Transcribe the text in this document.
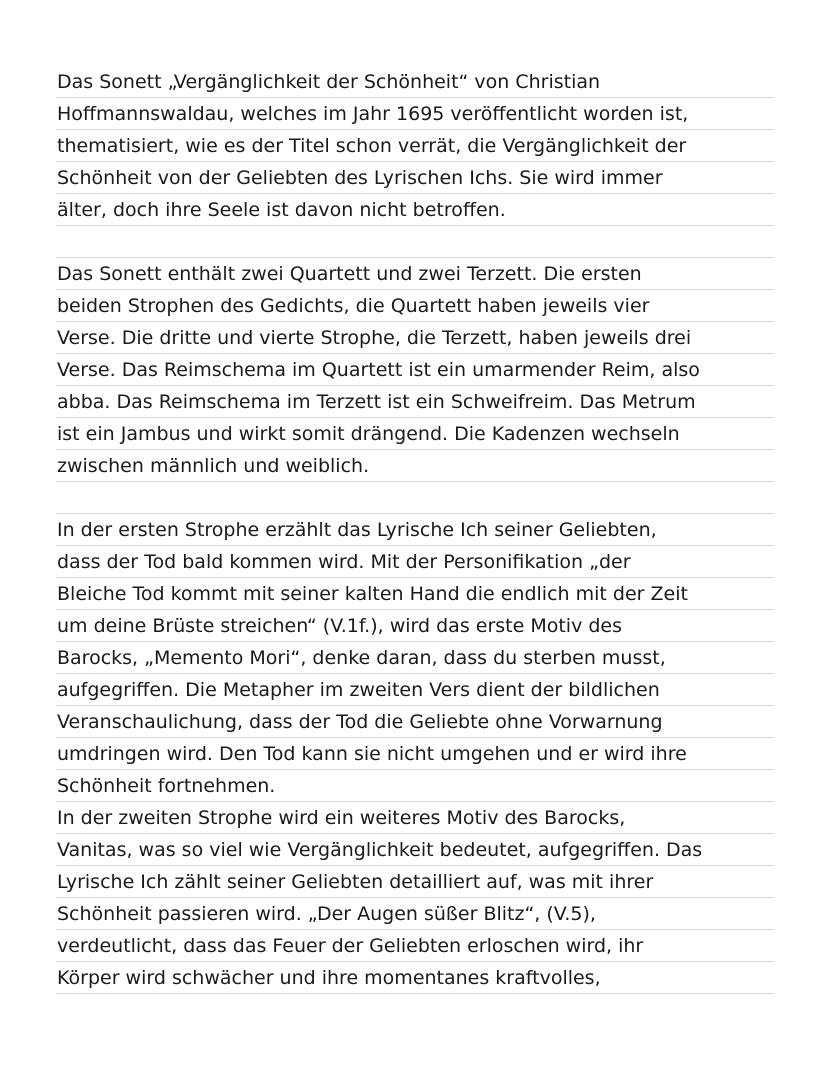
Das Sonett „Vergänglichkeit der Schönheit“ von Christian
Hoffmannswaldau, welches im Jahr 1695 veröffentlicht worden ist,
thematisiert, wie es der Titel schon verrät, die Vergänglichkeit der
Schönheit von der Geliebten des Lyrischen Ichs. Sie wird immer
älter, doch ihre Seele ist davon nicht betroffen.

Das Sonett enthält zwei Quartett und zwei Terzett. Die ersten
beiden Strophen des Gedichts, die Quartett haben jeweils vier
Verse. Die dritte und vierte Strophe, die Terzett, haben jeweils drei
Verse. Das Reimschema im Quartett ist ein umarmender Reim, also
abba. Das Reimschema im Terzett ist ein Schweifreim. Das Metrum
ist ein Jambus und wirkt somit drängend. Die Kadenzen wechseln
zwischen männlich und weiblich.

In der ersten Strophe erzählt das Lyrische Ich seiner Geliebten,
dass der Tod bald kommen wird. Mit der Personifikation „der
Bleiche Tod kommt mit seiner kalten Hand die endlich mit der Zeit
um deine Brüste streichen“ (V.1f.), wird das erste Motiv des
Barocks, „Memento Mori“, denke daran, dass du sterben musst,
aufgegriffen. Die Metapher im zweiten Vers dient der bildlichen
Veranschaulichung, dass der Tod die Geliebte ohne Vorwarnung
umdringen wird. Den Tod kann sie nicht umgehen und er wird ihre
Schönheit fortnehmen.
In der zweiten Strophe wird ein weiteres Motiv des Barocks,
Vanitas, was so viel wie Vergänglichkeit bedeutet, aufgegriffen. Das
Lyrische Ich zählt seiner Geliebten detailliert auf, was mit ihrer
Schönheit passieren wird. „Der Augen süßer Blitz“, (V.5),
verdeutlicht, dass das Feuer der Geliebten erloschen wird, ihr
Körper wird schwächer und ihre momentanes kraftvolles,
